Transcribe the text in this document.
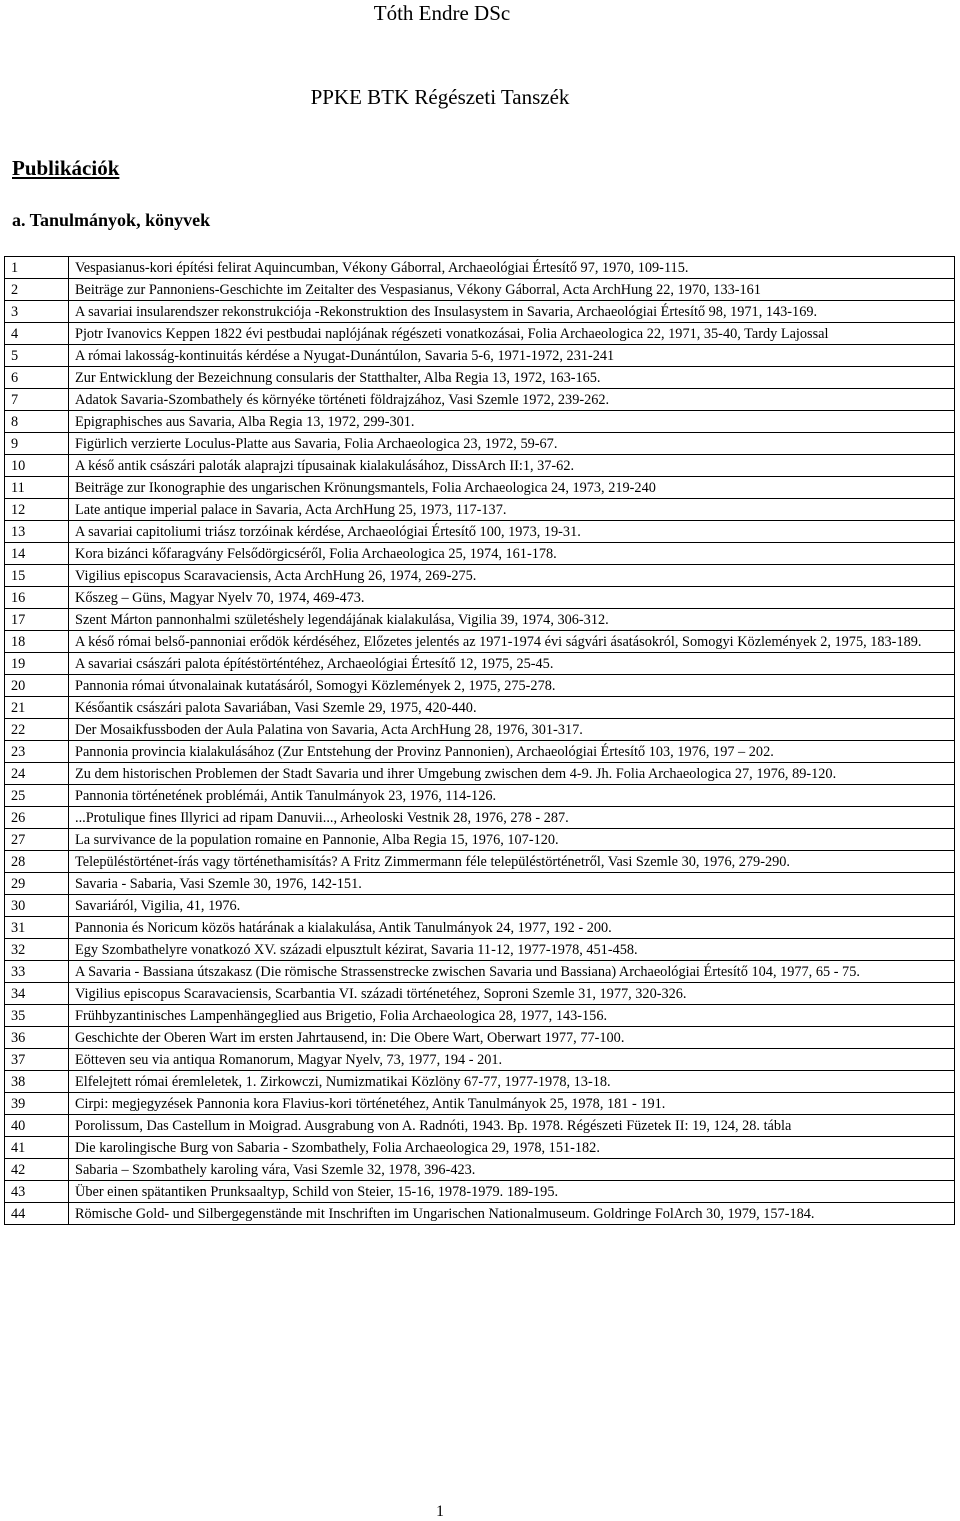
Tóth Endre DSc
PPKE BTK Régészeti Tanszék
Publikációk
a. Tanulmányok, könyvek
1	Vespasianus-kori építési felirat Aquincumban, Vékony Gáborral, Archaeológiai Értesítő 97, 1970, 109-115.
2	Beiträge zur Pannoniens-Geschichte im Zeitalter des Vespasianus, Vékony Gáborral, Acta ArchHung 22, 1970, 133-161
3	A savariai insularendszer rekonstrukciója -Rekonstruktion des Insulasystem in Savaria, Archaeológiai Értesítő 98, 1971, 143-169.
4	Pjotr Ivanovics Keppen 1822 évi pestbudai naplójának régészeti vonatkozásai, Folia Archaeologica 22, 1971, 35-40, Tardy Lajossal
5	A római lakosság-kontinuitás kérdése a Nyugat-Dunántúlon, Savaria 5-6, 1971-1972, 231-241
6	Zur Entwicklung der Bezeichnung consularis der Statthalter, Alba Regia 13, 1972, 163-165.
7	Adatok Savaria-Szombathely és környéke történeti földrajzához, Vasi Szemle 1972, 239-262.
8	Epigraphisches aus Savaria, Alba Regia 13, 1972, 299-301.
9	Figürlich verzierte Loculus-Platte aus Savaria, Folia Archaeologica 23, 1972, 59-67.
10	A késő antik császári paloták alaprajzi típusainak kialakulásához, DissArch II:1, 37-62.
11	Beiträge zur Ikonographie des ungarischen Krönungsmantels, Folia Archaeologica 24, 1973, 219-240
12	Late antique imperial palace in Savaria, Acta ArchHung 25, 1973, 117-137.
13	A savariai capitoliumi triász torzóinak kérdése, Archaeológiai Értesítő 100, 1973, 19-31.
14	Kora bizánci kőfaragvány Felsődörgicséről, Folia Archaeologica 25, 1974, 161-178.
15	Vigilius episcopus Scaravaciensis, Acta ArchHung 26, 1974, 269-275.
16	Kőszeg – Güns, Magyar Nyelv 70, 1974, 469-473.
17	Szent Márton pannonhalmi születéshely legendájának kialakulása, Vigilia 39, 1974, 306-312.
18	A késő római belső-pannoniai erődök kérdéséhez, Előzetes jelentés az 1971-1974 évi ságvári ásatásokról, Somogyi Közlemények 2, 1975, 183-189.
19	A savariai császári palota építéstörténtéhez, Archaeológiai Értesítő 12, 1975, 25-45.
20	Pannonia római útvonalainak kutatásáról, Somogyi Közlemények 2, 1975, 275-278.
21	Későantik császári palota Savariában, Vasi Szemle 29, 1975, 420-440.
22	Der Mosaikfussboden der Aula Palatina von Savaria, Acta ArchHung 28, 1976, 301-317.
23	Pannonia provincia kialakulásához (Zur Entstehung der Provinz Pannonien), Archaeológiai Értesítő 103, 1976, 197 – 202.
24	Zu dem historischen Problemen der Stadt Savaria und ihrer Umgebung zwischen dem 4-9. Jh. Folia Archaeologica 27, 1976, 89-120.
25	Pannonia történetének problémái, Antik Tanulmányok 23, 1976, 114-126.
26	...Protulique fines Illyrici ad ripam Danuvii..., Arheoloski Vestnik 28, 1976, 278 - 287.
27	La survivance de la population romaine en Pannonie, Alba Regia 15, 1976, 107-120.
28	Településtörténet-írás vagy történethamisítás? A Fritz Zimmermann féle településtörténetről, Vasi Szemle 30, 1976, 279-290.
29	Savaria - Sabaria, Vasi Szemle 30, 1976, 142-151.
30	Savariáról, Vigilia, 41, 1976.
31	Pannonia és Noricum közös határának a kialakulása, Antik Tanulmányok 24, 1977, 192 - 200.
32	Egy Szombathelyre vonatkozó XV. századi elpusztult kézirat, Savaria 11-12, 1977-1978, 451-458.
33	A Savaria - Bassiana útszakasz (Die römische Strassenstrecke zwischen Savaria und Bassiana) Archaeológiai Értesítő 104, 1977, 65 - 75.
34	Vigilius episcopus Scaravaciensis, Scarbantia VI. századi történetéhez, Soproni Szemle 31, 1977, 320-326.
35	Frühbyzantinisches Lampenhängeglied aus Brigetio, Folia Archaeologica 28, 1977, 143-156.
36	Geschichte der Oberen Wart im ersten Jahrtausend, in: Die Obere Wart, Oberwart 1977, 77-100.
37	Eötteven seu via antiqua Romanorum, Magyar Nyelv, 73, 1977, 194 - 201.
38	Elfelejtett római éremleletek, 1. Zirkowczi, Numizmatikai Közlöny 67-77, 1977-1978, 13-18.
39	Cirpi: megjegyzések Pannonia kora Flavius-kori történetéhez, Antik Tanulmányok 25, 1978, 181 - 191.
40	Porolissum, Das Castellum in Moigrad. Ausgrabung von A. Radnóti, 1943. Bp. 1978. Régészeti Füzetek II: 19, 124, 28. tábla
41	Die karolingische Burg von Sabaria - Szombathely, Folia Archaeologica 29, 1978, 151-182.
42	Sabaria – Szombathely karoling vára, Vasi Szemle 32, 1978, 396-423.
43	Über einen spätantiken Prunksaaltyp, Schild von Steier, 15-16, 1978-1979. 189-195.
44	Römische Gold- und Silbergegenstände mit Inschriften im Ungarischen Nationalmuseum. Goldringe FolArch 30, 1979, 157-184.
1
